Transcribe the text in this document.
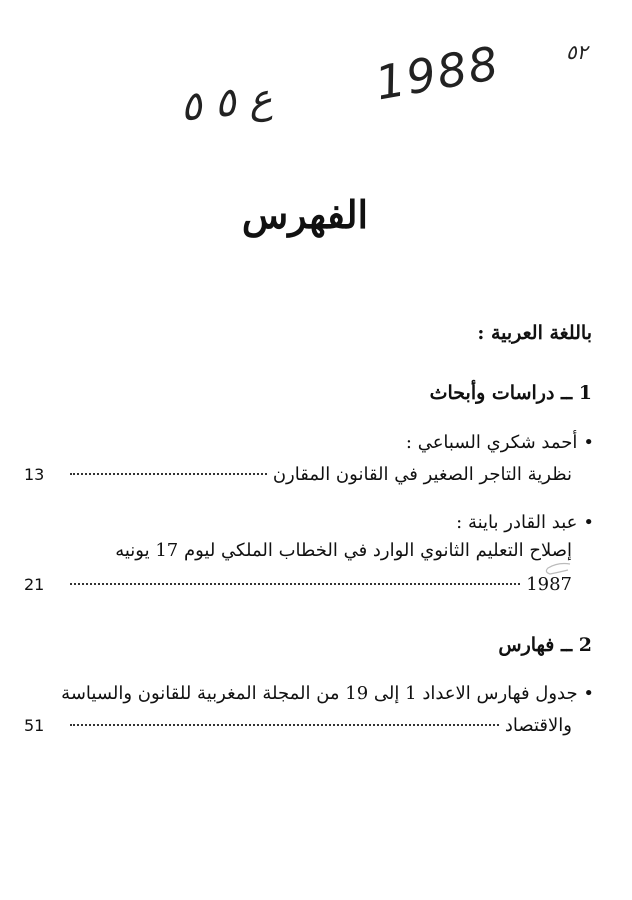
ع ٥ ٥ 1988	٥٢
الفهرس
باللغة العربية :
1 ــ دراسات وأبحاث
•أحمد شكري السباعي :
13	نظرية التاجر الصغير في القانون المقارن
•عبد القادر باينة :
إصلاح التعليم الثانوي الوارد في الخطاب الملكي ليوم 17 يونيه
21	1987
2 ــ فهارس
• جدول فهارس الاعداد 1 إلى 19 من المجلة المغربية للقانون والسياسة
51	والاقتصاد
